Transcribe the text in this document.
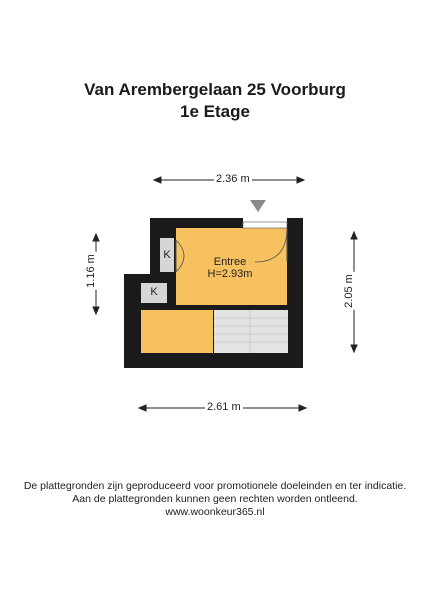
Van Arembergelaan 25 Voorburg
1e Etage
2.36 m
2.61 m
1.16 m
2.05 m
Entree
H=2.93m
K
K
De plattegronden zijn geproduceerd voor promotionele doeleinden en ter indicatie.
Aan de plattegronden kunnen geen rechten worden ontleend.
www.woonkeur365.nl
